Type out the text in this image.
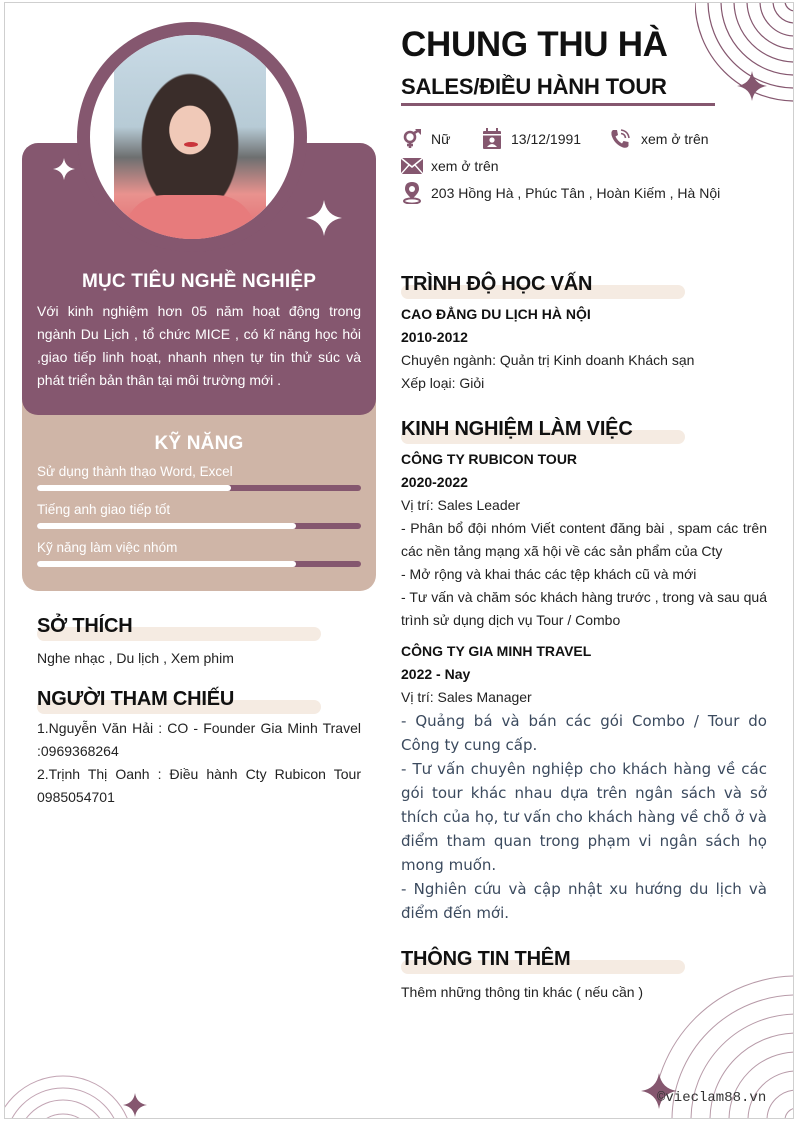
MỤC TIÊU NGHỀ NGHIỆP
Với kinh nghiệm hơn 05 năm hoạt động trong ngành Du Lịch , tổ chức MICE , có kĩ năng học hỏi ,giao tiếp linh hoạt, nhanh nhẹn tự tin thử súc và phát triển bản thân tại môi trường mới .
KỸ NĂNG
Sử dụng thành thạo Word, Excel
Tiếng anh giao tiếp tốt
Kỹ năng làm việc nhóm
SỞ THÍCH
Nghe nhạc , Du lịch , Xem phim
NGƯỜI THAM CHIẾU
1.Nguyễn Văn Hải : CO - Founder Gia Minh Travel :0969368264
2.Trịnh Thị Oanh : Điều hành Cty Rubicon Tour 0985054701
CHUNG THU HÀ
SALES/ĐIỀU HÀNH TOUR
Nữ	13/12/1991	xem ở trên
xem ở trên
203 Hồng Hà , Phúc Tân , Hoàn Kiếm , Hà Nội
TRÌNH ĐỘ HỌC VẤN
CAO ĐẲNG DU LỊCH HÀ NỘI
2010-2012
Chuyên ngành: Quản trị Kinh doanh Khách sạn
Xếp loại: Giỏi
KINH NGHIỆM LÀM VIỆC
CÔNG TY RUBICON TOUR
2020-2022
Vị trí: Sales Leader
- Phân bổ đội nhóm Viết content đăng bài , spam các trên các nền tảng mạng xã hội về các sản phẩm của Cty
- Mở rộng và khai thác các tệp khách cũ và mới
- Tư vấn và chăm sóc khách hàng trước , trong và sau quá trình sử dụng dịch vụ Tour / Combo
CÔNG TY GIA MINH TRAVEL
2022 - Nay
Vị trí: Sales Manager

- Quảng bá và bán các gói Combo / Tour do Công ty cung cấp.

- Tư vấn chuyên nghiệp cho khách hàng về các gói tour khác nhau dựa trên ngân sách và sở thích của họ, tư vấn cho khách hàng về chỗ ở và điểm tham quan trong phạm vi ngân sách họ mong muốn.

- Nghiên cứu và cập nhật xu hướng du lịch và điểm đến mới.

THÔNG TIN THÊM
Thêm những thông tin khác ( nếu cần )
©vieclam88.vn
